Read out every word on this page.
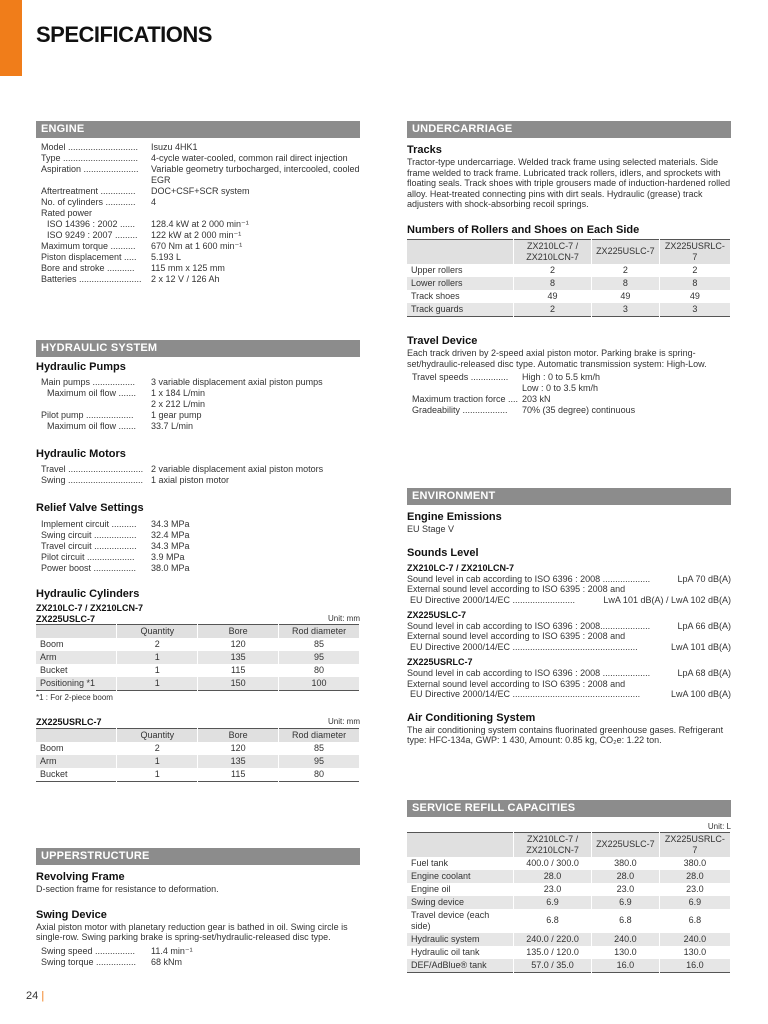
SPECIFICATIONS
ENGINE
Model ............................	Isuzu 4HK1
Type ..............................	4-cycle water-cooled, common rail direct injection
Aspiration ......................	Variable geometry turbocharged, intercooled, cooled EGR
Aftertreatment ..............	DOC+CSF+SCR system
No. of cylinders ............	4
Rated power
ISO 14396 : 2002 ......	128.4 kW at 2 000 min⁻¹
ISO 9249 : 2007 .........	122 kW at 2 000 min⁻¹
Maximum torque ..........	670 Nm at 1 600 min⁻¹
Piston displacement .....	5.193 L
Bore and stroke ...........	115 mm x 125 mm
Batteries .........................	2 x 12 V / 126 Ah
HYDRAULIC SYSTEM
Hydraulic Pumps
Main pumps .................	3 variable displacement axial piston pumps
Maximum oil flow .......	1 x 184 L/min
2 x 212 L/min
Pilot pump ...................	1 gear pump
Maximum oil flow .......	33.7 L/min
Hydraulic Motors
Travel .............................. 2 variable displacement axial piston motors
Swing .............................. 1 axial piston motor
Relief Valve Settings
Implement circuit ..........	34.3 MPa
Swing circuit .................	32.4 MPa
Travel circuit .................	34.3 MPa
Pilot circuit ...................	3.9 MPa
Power boost .................	38.0 MPa
Hydraulic Cylinders
ZX210LC-7 / ZX210LCN-7
ZX225USLC-7	Unit: mm
	Quantity	Bore	Rod diameter
Boom	2	120	85
Arm	1	135	95
Bucket	1	115	80
Positioning *1	1	150	100
*1 : For 2-piece boom
ZX225USRLC-7	Unit: mm
	Quantity	Bore	Rod diameter
Boom	2	120	85
Arm	1	135	95
Bucket	1	115	80
UPPERSTRUCTURE
Revolving Frame
D-section frame for resistance to deformation.
Swing Device
Axial piston motor with planetary reduction gear is bathed in oil. Swing circle is single-row. Swing parking brake is spring-set/hydraulic-released disc type.
Swing speed ................	11.4 min⁻¹
Swing torque ................	68 kNm
UNDERCARRIAGE
Tracks
Tractor-type undercarriage. Welded track frame using selected materials. Side frame welded to track frame. Lubricated track rollers, idlers, and sprockets with floating seals. Track shoes with triple grousers made of induction-hardened rolled alloy. Heat-treated connecting pins with dirt seals. Hydraulic (grease) track adjusters with shock-absorbing recoil springs.
Numbers of Rollers and Shoes on Each Side
	ZX210LC-7 / ZX210LCN-7	ZX225USLC-7	ZX225USRLC-7
Upper rollers	2	2	2
Lower rollers	8	8	8
Track shoes	49	49	49
Track guards	2	3	3
Travel Device
Each track driven by 2-speed axial piston motor. Parking brake is spring-set/hydraulic-released disc type. Automatic transmission system: High-Low.
Travel speeds ...............	High : 0 to 5.5 km/h
Low : 0 to 3.5 km/h
Maximum traction force .... 203 kN
Gradeability ..................	70% (35 degree) continuous
ENVIRONMENT
Engine Emissions
EU Stage V
Sounds Level
ZX210LC-7 / ZX210LCN-7
Sound level in cab according to ISO 6396 : 2008 ...................	LpA 70 dB(A)
External sound level according to ISO 6395 : 2008 and
EU Directive 2000/14/EC .........................	LwA 101 dB(A) / LwA 102 dB(A)
ZX225USLC-7
Sound level in cab according to ISO 6396 : 2008....................	LpA 66 dB(A)
External sound level according to ISO 6395 : 2008 and
EU Directive 2000/14/EC ..................................................	LwA 101 dB(A)
ZX225USRLC-7
Sound level in cab according to ISO 6396 : 2008 ...................	LpA 68 dB(A)
External sound level according to ISO 6395 : 2008 and
EU Directive 2000/14/EC ...................................................	LwA 100 dB(A)
Air Conditioning System
The air conditioning system contains fluorinated greenhouse gases. Refrigerant type: HFC-134a, GWP: 1 430, Amount: 0.85 kg, CO₂e: 1.22 ton.
SERVICE REFILL CAPACITIES
Unit: L
	ZX210LC-7 / ZX210LCN-7	ZX225USLC-7	ZX225USRLC-7
Fuel tank	400.0 / 300.0	380.0	380.0
Engine coolant	28.0	28.0	28.0
Engine oil	23.0	23.0	23.0
Swing device	6.9	6.9	6.9
Travel device (each side)	6.8	6.8	6.8
Hydraulic system	240.0 / 220.0	240.0	240.0
Hydraulic oil tank	135.0 / 120.0	130.0	130.0
DEF/AdBlue® tank	57.0 / 35.0	16.0	16.0
24 |
